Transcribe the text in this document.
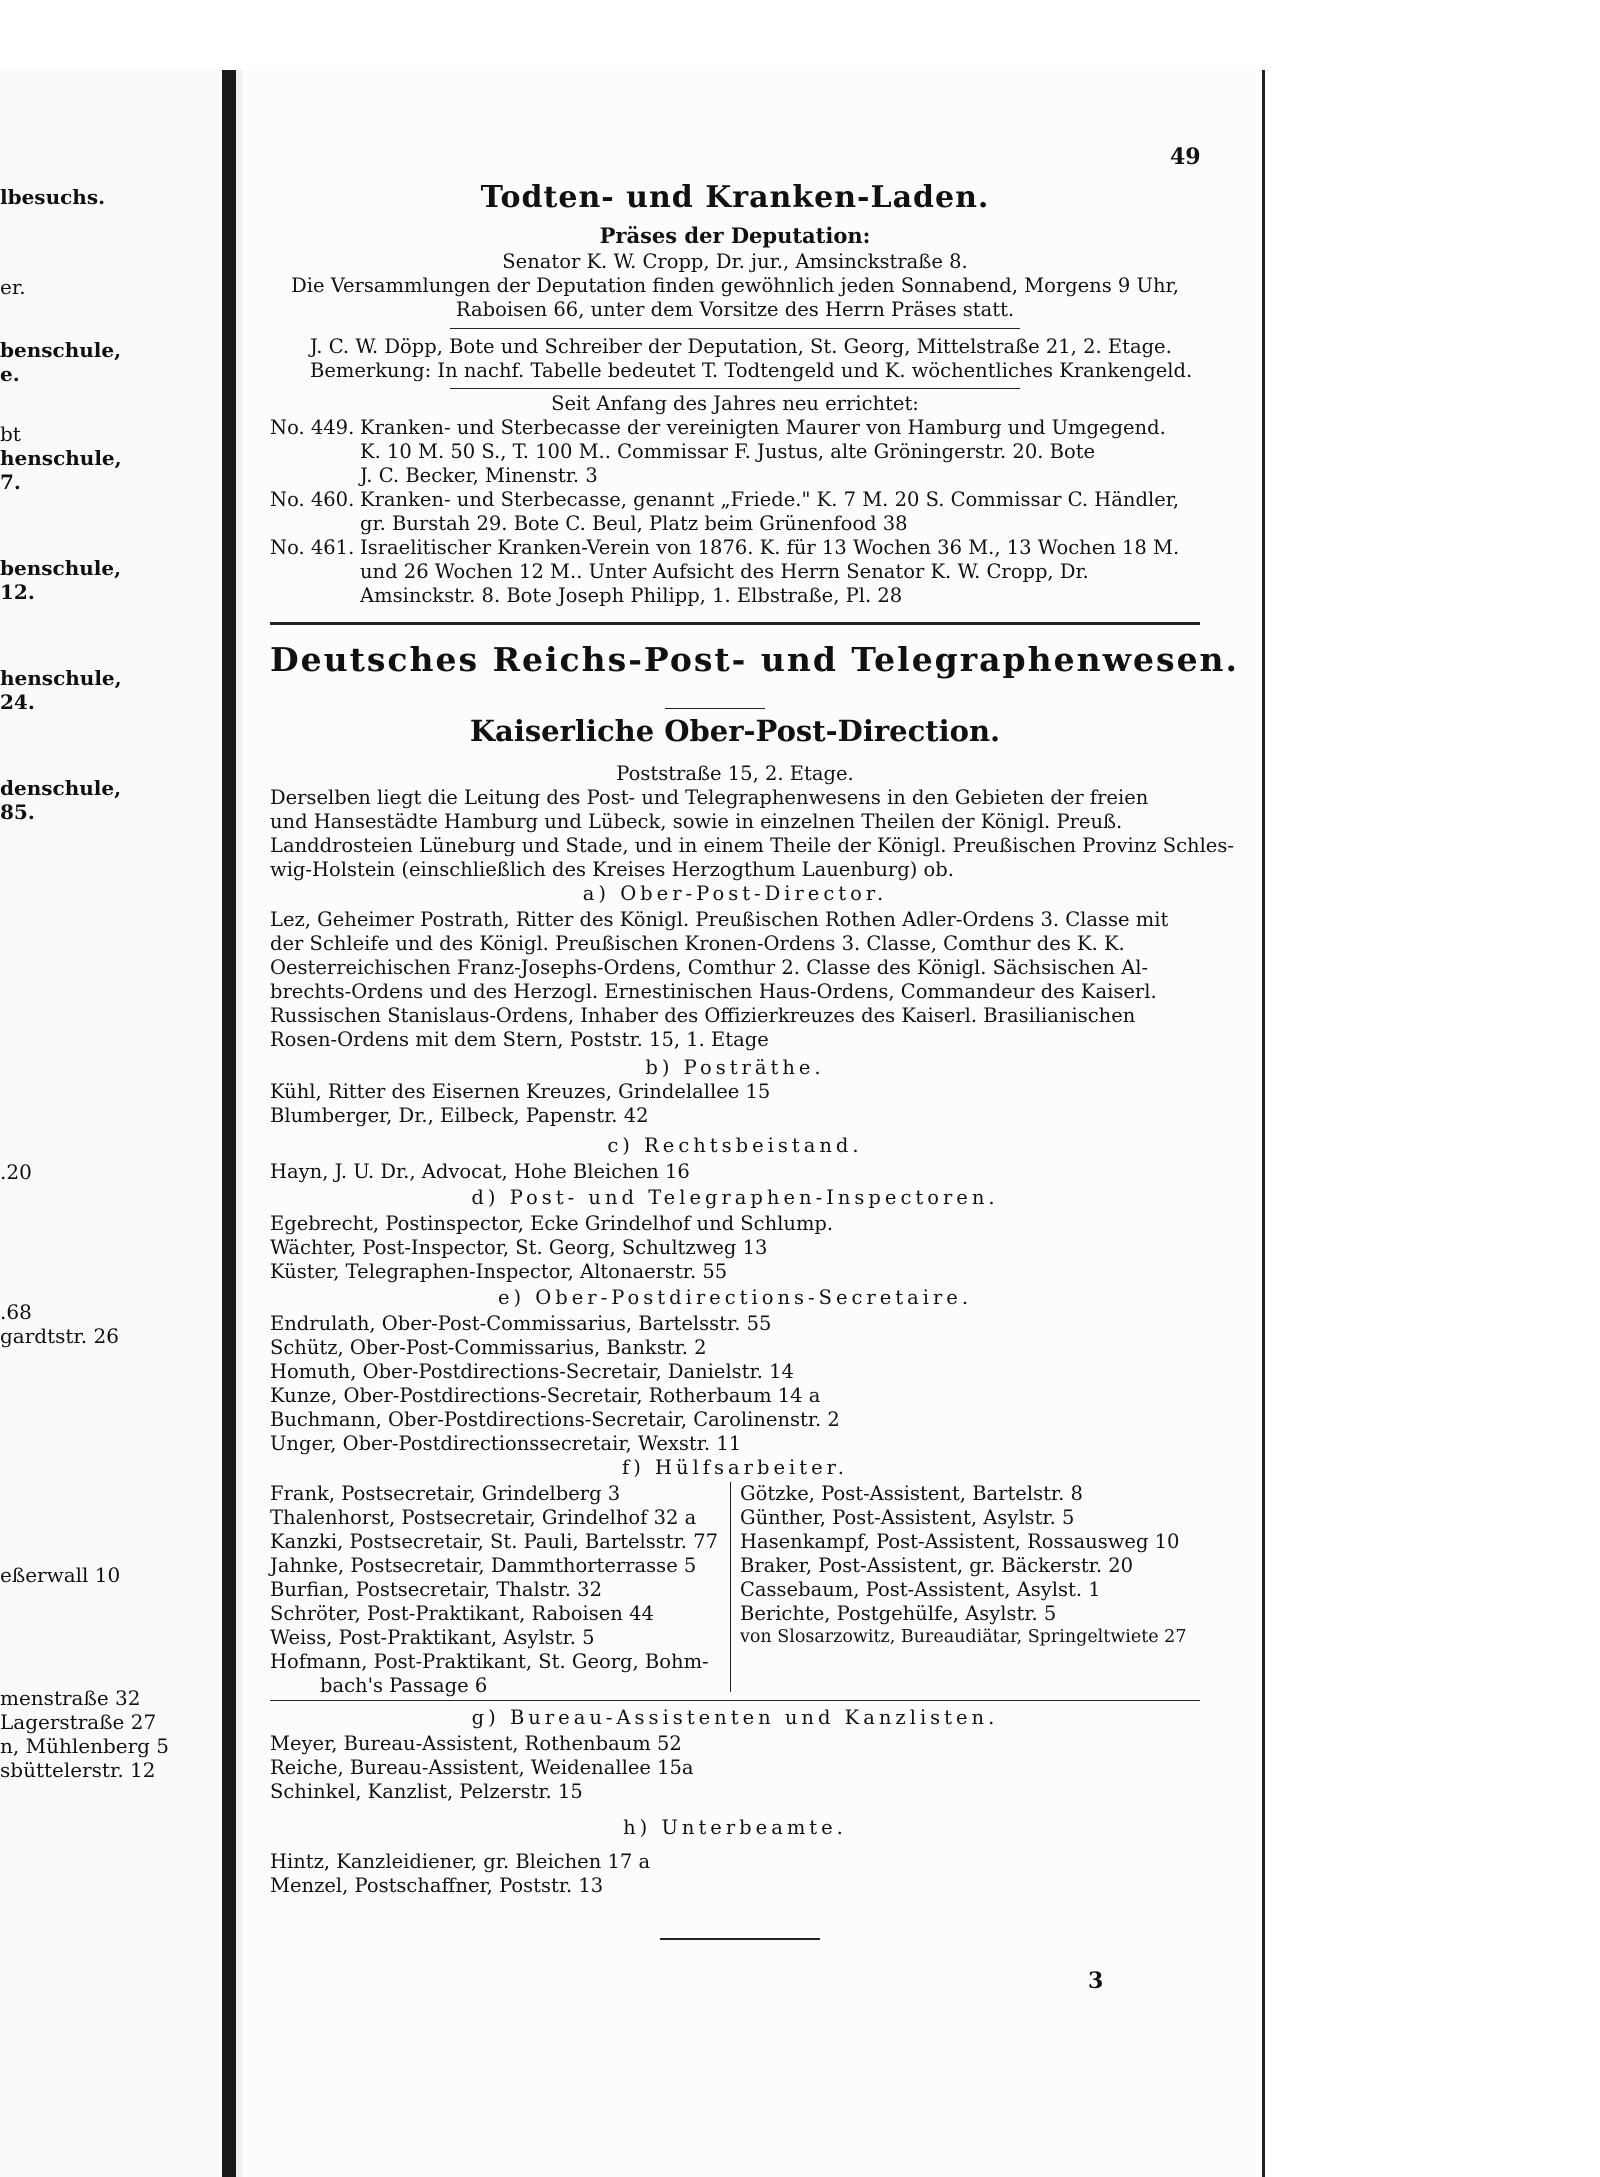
lbesuchs.
er.
benschule,
e.
bt
henschule,
7.
benschule,
12.
henschule,
24.
denschule,
85.
.20
.68
gardtstr. 26
eßerwall 10
menstraße 32
Lagerstraße 27
n, Mühlenberg 5
sbüttelerstr. 12
49
Todten- und Kranken-Laden.
Präses der Deputation:
Senator K. W. Cropp, Dr. jur., Amsinckstraße 8.
Die Versammlungen der Deputation finden gewöhnlich jeden Sonnabend, Morgens 9 Uhr,
Raboisen 66, unter dem Vorsitze des Herrn Präses statt.
J. C. W. Döpp, Bote und Schreiber der Deputation, St. Georg, Mittelstraße 21, 2. Etage.
Bemerkung: In nachf. Tabelle bedeutet T. Todtengeld und K. wöchentliches Krankengeld.
Seit Anfang des Jahres neu errichtet:
No. 449. Kranken- und Sterbecasse der vereinigten Maurer von Hamburg und Umgegend.
K. 10 M. 50 S., T. 100 M.. Commissar F. Justus, alte Gröningerstr. 20. Bote
J. C. Becker, Minenstr. 3
No. 460. Kranken- und Sterbecasse, genannt „Friede." K. 7 M. 20 S. Commissar C. Händler,
gr. Burstah 29. Bote C. Beul, Platz beim Grünenfood 38
No. 461. Israelitischer Kranken-Verein von 1876. K. für 13 Wochen 36 M., 13 Wochen 18 M.
und 26 Wochen 12 M.. Unter Aufsicht des Herrn Senator K. W. Cropp, Dr.
Amsinckstr. 8. Bote Joseph Philipp, 1. Elbstraße, Pl. 28
Deutsches Reichs-Post- und Telegraphenwesen.
Kaiserliche Ober-Post-Direction.
Poststraße 15, 2. Etage.
Derselben liegt die Leitung des Post- und Telegraphenwesens in den Gebieten der freien
und Hansestädte Hamburg und Lübeck, sowie in einzelnen Theilen der Königl. Preuß.
Landdrosteien Lüneburg und Stade, und in einem Theile der Königl. Preußischen Provinz Schles-
wig-Holstein (einschließlich des Kreises Herzogthum Lauenburg) ob.
a) Ober-Post-Director.
Lez, Geheimer Postrath, Ritter des Königl. Preußischen Rothen Adler-Ordens 3. Classe mit
der Schleife und des Königl. Preußischen Kronen-Ordens 3. Classe, Comthur des K. K.
Oesterreichischen Franz-Josephs-Ordens, Comthur 2. Classe des Königl. Sächsischen Al-
brechts-Ordens und des Herzogl. Ernestinischen Haus-Ordens, Commandeur des Kaiserl.
Russischen Stanislaus-Ordens, Inhaber des Offizierkreuzes des Kaiserl. Brasilianischen
Rosen-Ordens mit dem Stern, Poststr. 15, 1. Etage
b) Posträthe.
Kühl, Ritter des Eisernen Kreuzes, Grindelallee 15
Blumberger, Dr., Eilbeck, Papenstr. 42
c) Rechtsbeistand.
Hayn, J. U. Dr., Advocat, Hohe Bleichen 16
d) Post- und Telegraphen-Inspectoren.
Egebrecht, Postinspector, Ecke Grindelhof und Schlump.
Wächter, Post-Inspector, St. Georg, Schultzweg 13
Küster, Telegraphen-Inspector, Altonaerstr. 55
e) Ober-Postdirections-Secretaire.
Endrulath, Ober-Post-Commissarius, Bartelsstr. 55
Schütz, Ober-Post-Commissarius, Bankstr. 2
Homuth, Ober-Postdirections-Secretair, Danielstr. 14
Kunze, Ober-Postdirections-Secretair, Rotherbaum 14 a
Buchmann, Ober-Postdirections-Secretair, Carolinenstr. 2
Unger, Ober-Postdirectionssecretair, Wexstr. 11
f) Hülfsarbeiter.
Frank, Postsecretair, Grindelberg 3
Thalenhorst, Postsecretair, Grindelhof 32 a
Kanzki, Postsecretair, St. Pauli, Bartelsstr. 77
Jahnke, Postsecretair, Dammthorterrasse 5
Burfian, Postsecretair, Thalstr. 32
Schröter, Post-Praktikant, Raboisen 44
Weiss, Post-Praktikant, Asylstr. 5
Hofmann, Post-Praktikant, St. Georg, Bohm-
bach's Passage 6
Götzke, Post-Assistent, Bartelstr. 8
Günther, Post-Assistent, Asylstr. 5
Hasenkampf, Post-Assistent, Rossausweg 10
Braker, Post-Assistent, gr. Bäckerstr. 20
Cassebaum, Post-Assistent, Asylst. 1
Berichte, Postgehülfe, Asylstr. 5
von Slosarzowitz, Bureaudiätar, Springeltwiete 27
g) Bureau-Assistenten und Kanzlisten.
Meyer, Bureau-Assistent, Rothenbaum 52
Reiche, Bureau-Assistent, Weidenallee 15a
Schinkel, Kanzlist, Pelzerstr. 15
h) Unterbeamte.
Hintz, Kanzleidiener, gr. Bleichen 17 a
Menzel, Postschaffner, Poststr. 13
3
